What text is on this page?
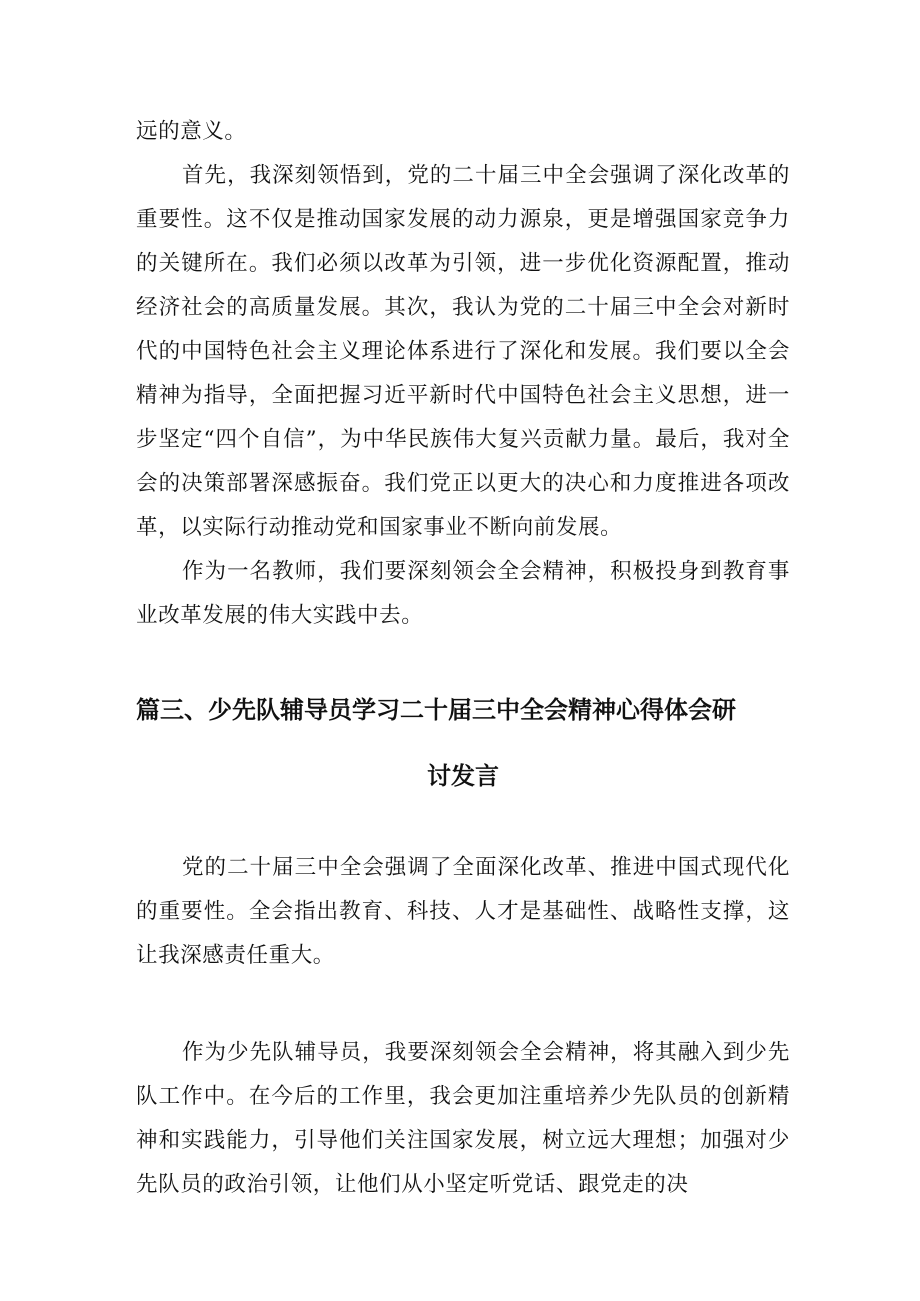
远的意义。

首先，我深刻领悟到，党的二十届三中全会强调了深化改革的重要性。这不仅是推动国家发展的动力源泉，更是增强国家竞争力的关键所在。我们必须以改革为引领，进一步优化资源配置，推动经济社会的高质量发展。其次，我认为党的二十届三中全会对新时代的中国特色社会主义理论体系进行了深化和发展。我们要以全会精神为指导，全面把握习近平新时代中国特色社会主义思想，进一步坚定“四个自信”，为中华民族伟大复兴贡献力量。最后，我对全会的决策部署深感振奋。我们党正以更大的决心和力度推进各项改革，以实际行动推动党和国家事业不断向前发展。

作为一名教师，我们要深刻领会全会精神，积极投身到教育事业改革发展的伟大实践中去。

篇三、少先队辅导员学习二十届三中全会精神心得体会研
讨发言

党的二十届三中全会强调了全面深化改革、推进中国式现代化的重要性。全会指出教育、科技、人才是基础性、战略性支撑，这让我深感责任重大。

作为少先队辅导员，我要深刻领会全会精神，将其融入到少先队工作中。在今后的工作里，我会更加注重培养少先队员的创新精神和实践能力，引导他们关注国家发展，树立远大理想；加强对少先队员的政治引领，让他们从小坚定听党话、跟党走的决
